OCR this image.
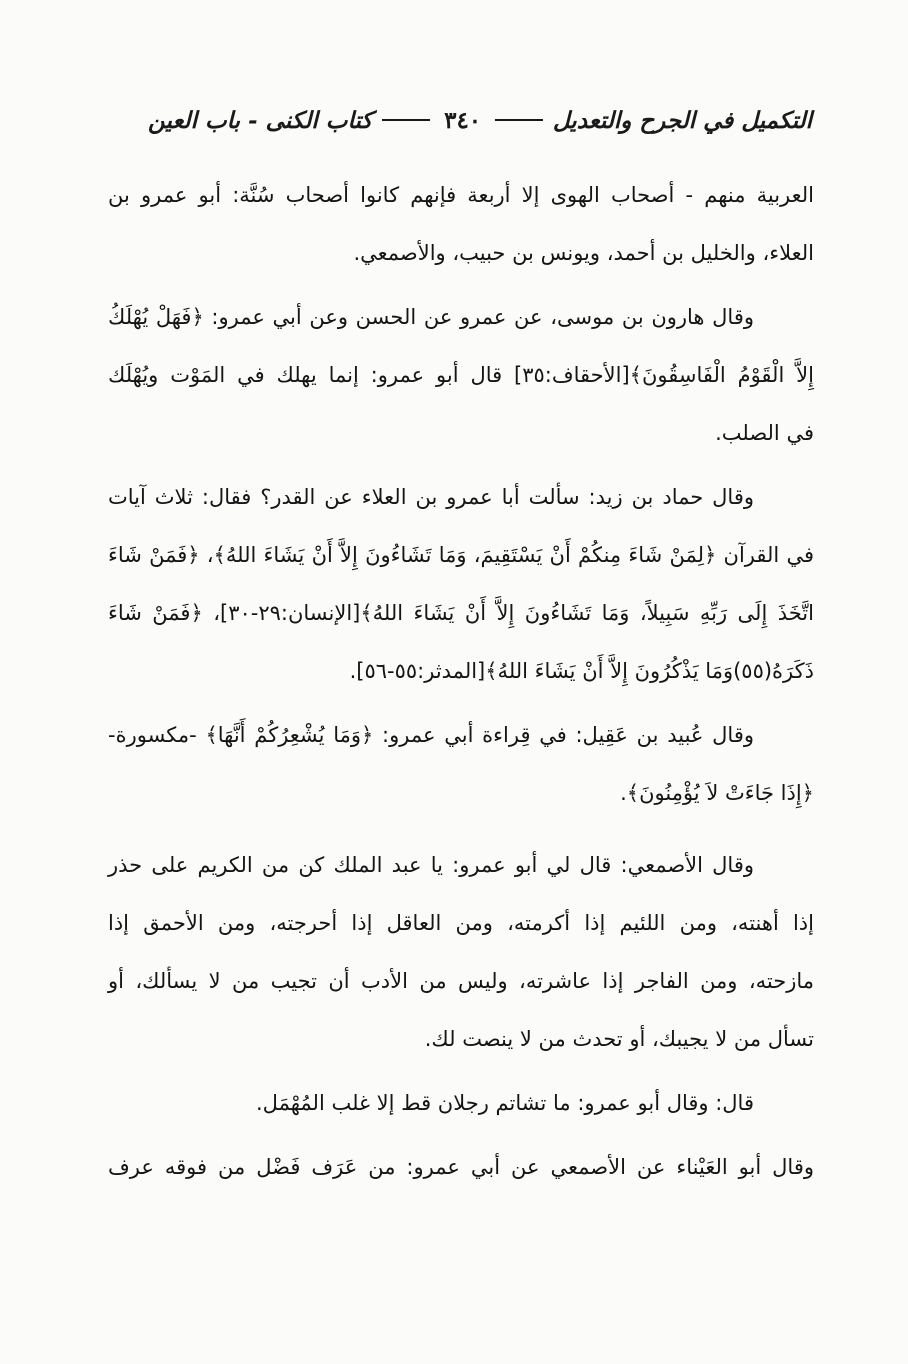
التكميل في الجرح والتعديل
٣٤٠
كتاب الكنى - باب العين
العربية منهم - أصحاب الهوى إلا أربعة فإنهم كانوا أصحاب سُنَّة: أبو عمرو بن
العلاء، والخليل بن أحمد، ويونس بن حبيب، والأصمعي.
وقال هارون بن موسى، عن عمرو عن الحسن وعن أبي عمرو: ﴿فَهَلْ يُهْلَكُ
إِلاَّ الْقَوْمُ الْفَاسِقُونَ﴾[الأحقاف:٣٥] قال أبو عمرو: إنما يهلك في المَوْت ويُهْلَك
في الصلب.
وقال حماد بن زيد: سألت أبا عمرو بن العلاء عن القدر؟ فقال: ثلاث آيات
في القرآن ﴿لِمَنْ شَاءَ مِنكُمْ أَنْ يَسْتَقِيمَ، وَمَا تَشَاءُونَ إِلاَّ أَنْ يَشَاءَ اللهُ﴾، ﴿فَمَنْ شَاءَ
اتَّخَذَ إِلَى رَبِّهِ سَبِيلاً، وَمَا تَشَاءُونَ إِلاَّ أَنْ يَشَاءَ اللهُ﴾[الإنسان:٢٩-٣٠]، ﴿فَمَنْ شَاءَ
ذَكَرَهُ(٥٥)وَمَا يَذْكُرُونَ إِلاَّ أَنْ يَشَاءَ اللهُ﴾[المدثر:٥٥-٥٦].
وقال عُبيد بن عَقِيل: في قِراءة أبي عمرو: ﴿وَمَا يُشْعِرُكُمْ أَنَّهَا﴾ -مكسورة-
﴿إِذَا جَاءَتْ لاَ يُؤْمِنُونَ﴾.
وقال الأصمعي: قال لي أبو عمرو: يا عبد الملك كن من الكريم على حذر
إذا أهنته، ومن اللئيم إذا أكرمته، ومن العاقل إذا أحرجته، ومن الأحمق إذا
مازحته، ومن الفاجر إذا عاشرته، وليس من الأدب أن تجيب من لا يسألك، أو
تسأل من لا يجيبك، أو تحدث من لا ينصت لك.
قال: وقال أبو عمرو: ما تشاتم رجلان قط إلا غلب المُهْمَل.
وقال أبو العَيْناء عن الأصمعي عن أبي عمرو: من عَرَف فَضْل من فوقه عرف
